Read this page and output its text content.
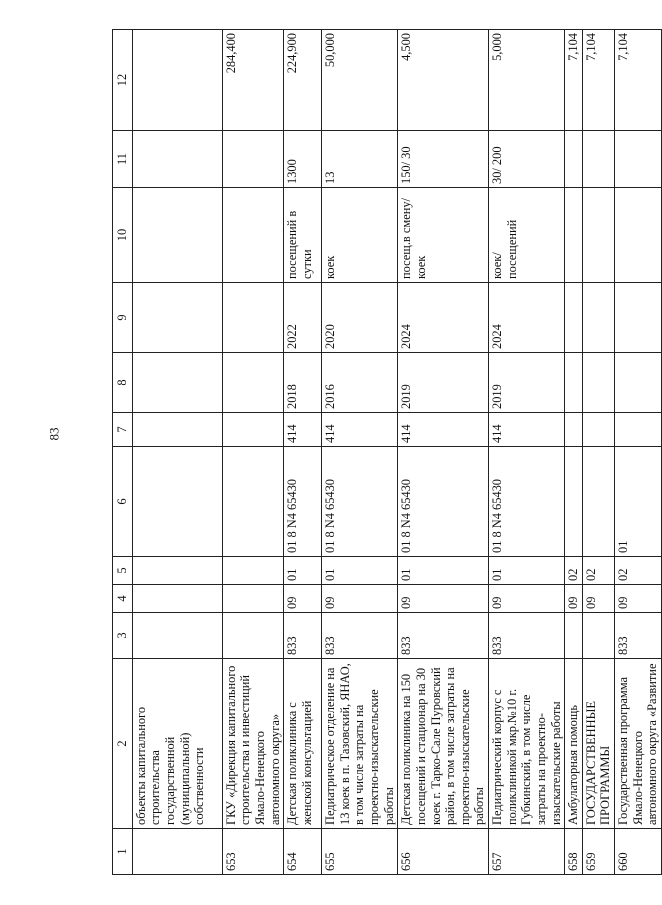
83
1	2	3	4	5	6	7	8	9	10	11	12
	объекты капитального строительства государственной (муниципальной) собственности										
653	ГКУ «Дирекция капитального строительства и инвестиций Ямало-Ненецкого автономного округа»										284,400
654	Детская поликлиника с женской консультацией	833	09	01	01 8 N4 65430	414	2018	2022	посещений в сутки	1300	224,900
655	Педиатрическое отделение на 13 коек в п. Тазовский, ЯНАО, в том числе затраты на проектно-изыскательские работы	833	09	01	01 8 N4 65430	414	2016	2020	коек	13	50,000
656	Детская поликлиника на 150 посещений и стационар на 30 коек г. Тарко-Сале Пуровский район, в том числе затраты на проектно-изыскательские работы	833	09	01	01 8 N4 65430	414	2019	2024	посещ.в смену/коек	150/ 30	4,500
657	Педиатрический корпус с поликлиникой мкр.№10 г. Губкинский, в том числе затраты на проектно-изыскательские работы	833	09	01	01 8 N4 65430	414	2019	2024	коек/ посещений	30/ 200	5,000
658	Амбулаторная помощь		09	02							7,104
659	ГОСУДАРСТВЕННЫЕ ПРОГРАММЫ		09	02							7,104
660	Государственная программа Ямало-Ненецкого автономного округа «Развитие	833	09	02	01						7,104
